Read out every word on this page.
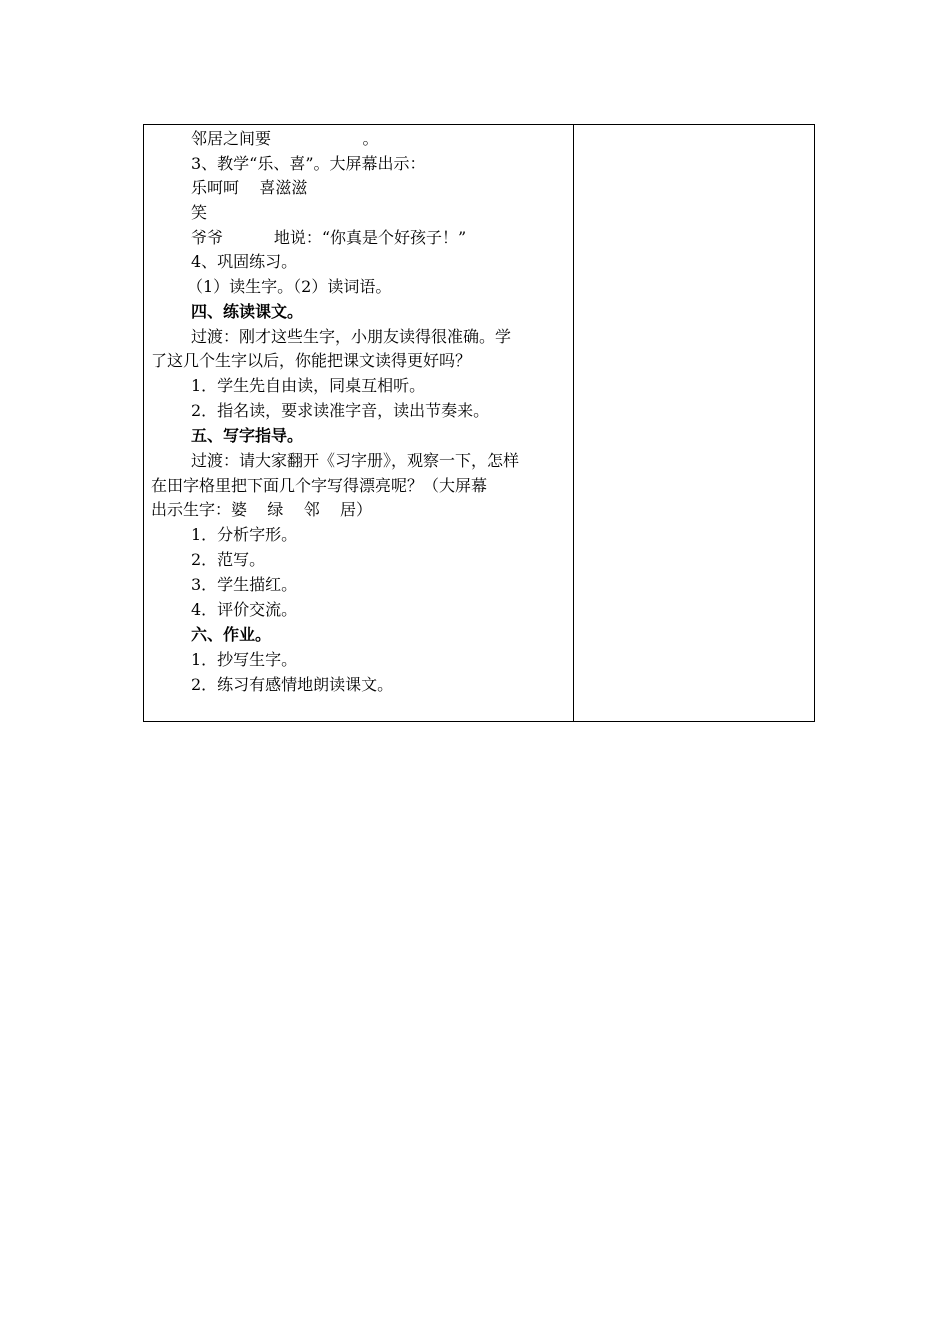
邻居之间要                  。
3、教学“乐、喜”。大屏幕出示：
乐呵呵    喜滋滋
笑
爷爷          地说：“你真是个好孩子！”
4、巩固练习。
（1）读生字。（2）读词语。
四、练读课文。
过渡：刚才这些生字，小朋友读得很准确。学
了这几个生字以后，你能把课文读得更好吗？
1．学生先自由读，同桌互相听。
2．指名读，要求读准字音，读出节奏来。
五、写字指导。
过渡：请大家翻开《习字册》，观察一下，怎样
在田字格里把下面几个字写得漂亮呢？（大屏幕
出示生字：婆    绿    邻    居）
1．分析字形。
2．范写。
3．学生描红。
4．评价交流。
六、作业。
1．抄写生字。
2．练习有感情地朗读课文。
